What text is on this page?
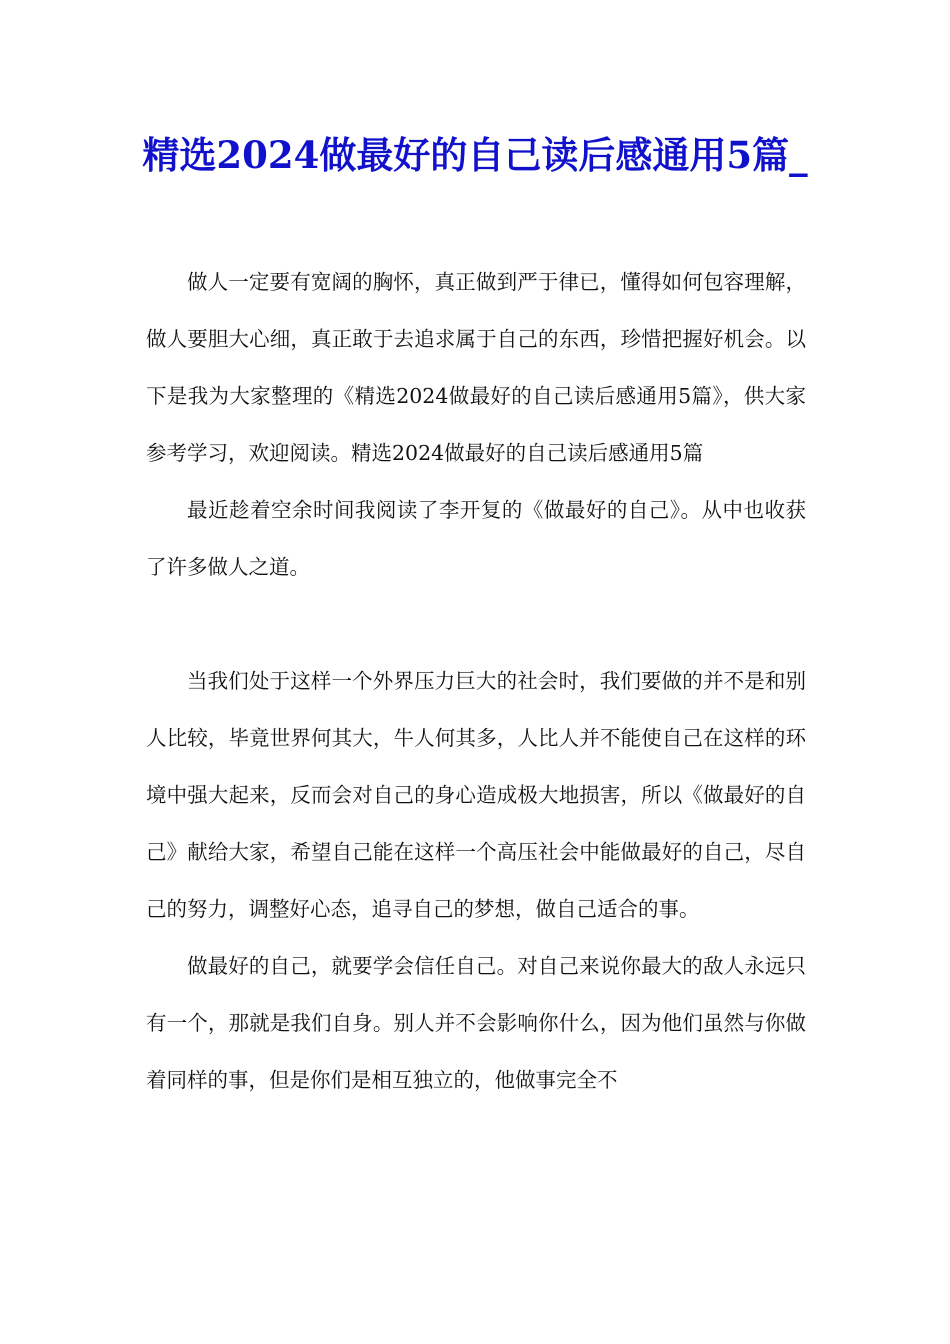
精选2024做最好的自己读后感通用5篇_

做人一定要有宽阔的胸怀，真正做到严于律已，懂得如何包容理解，做人要胆大心细，真正敢于去追求属于自己的东西，珍惜把握好机会。以下是我为大家整理的《精选2024做最好的自己读后感通用5篇》，供大家参考学习，欢迎阅读。精选2024做最好的自己读后感通用5篇

最近趁着空余时间我阅读了李开复的《做最好的自己》。从中也收获了许多做人之道。

当我们处于这样一个外界压力巨大的社会时，我们要做的并不是和别人比较，毕竟世界何其大，牛人何其多，人比人并不能使自己在这样的环境中强大起来，反而会对自己的身心造成极大地损害，所以《做最好的自己》献给大家，希望自己能在这样一个高压社会中能做最好的自己，尽自己的努力，调整好心态，追寻自己的梦想，做自己适合的事。

做最好的自己，就要学会信任自己。对自己来说你最大的敌人永远只有一个，那就是我们自身。别人并不会影响你什么，因为他们虽然与你做着同样的事，但是你们是相互独立的，他做事完全不
